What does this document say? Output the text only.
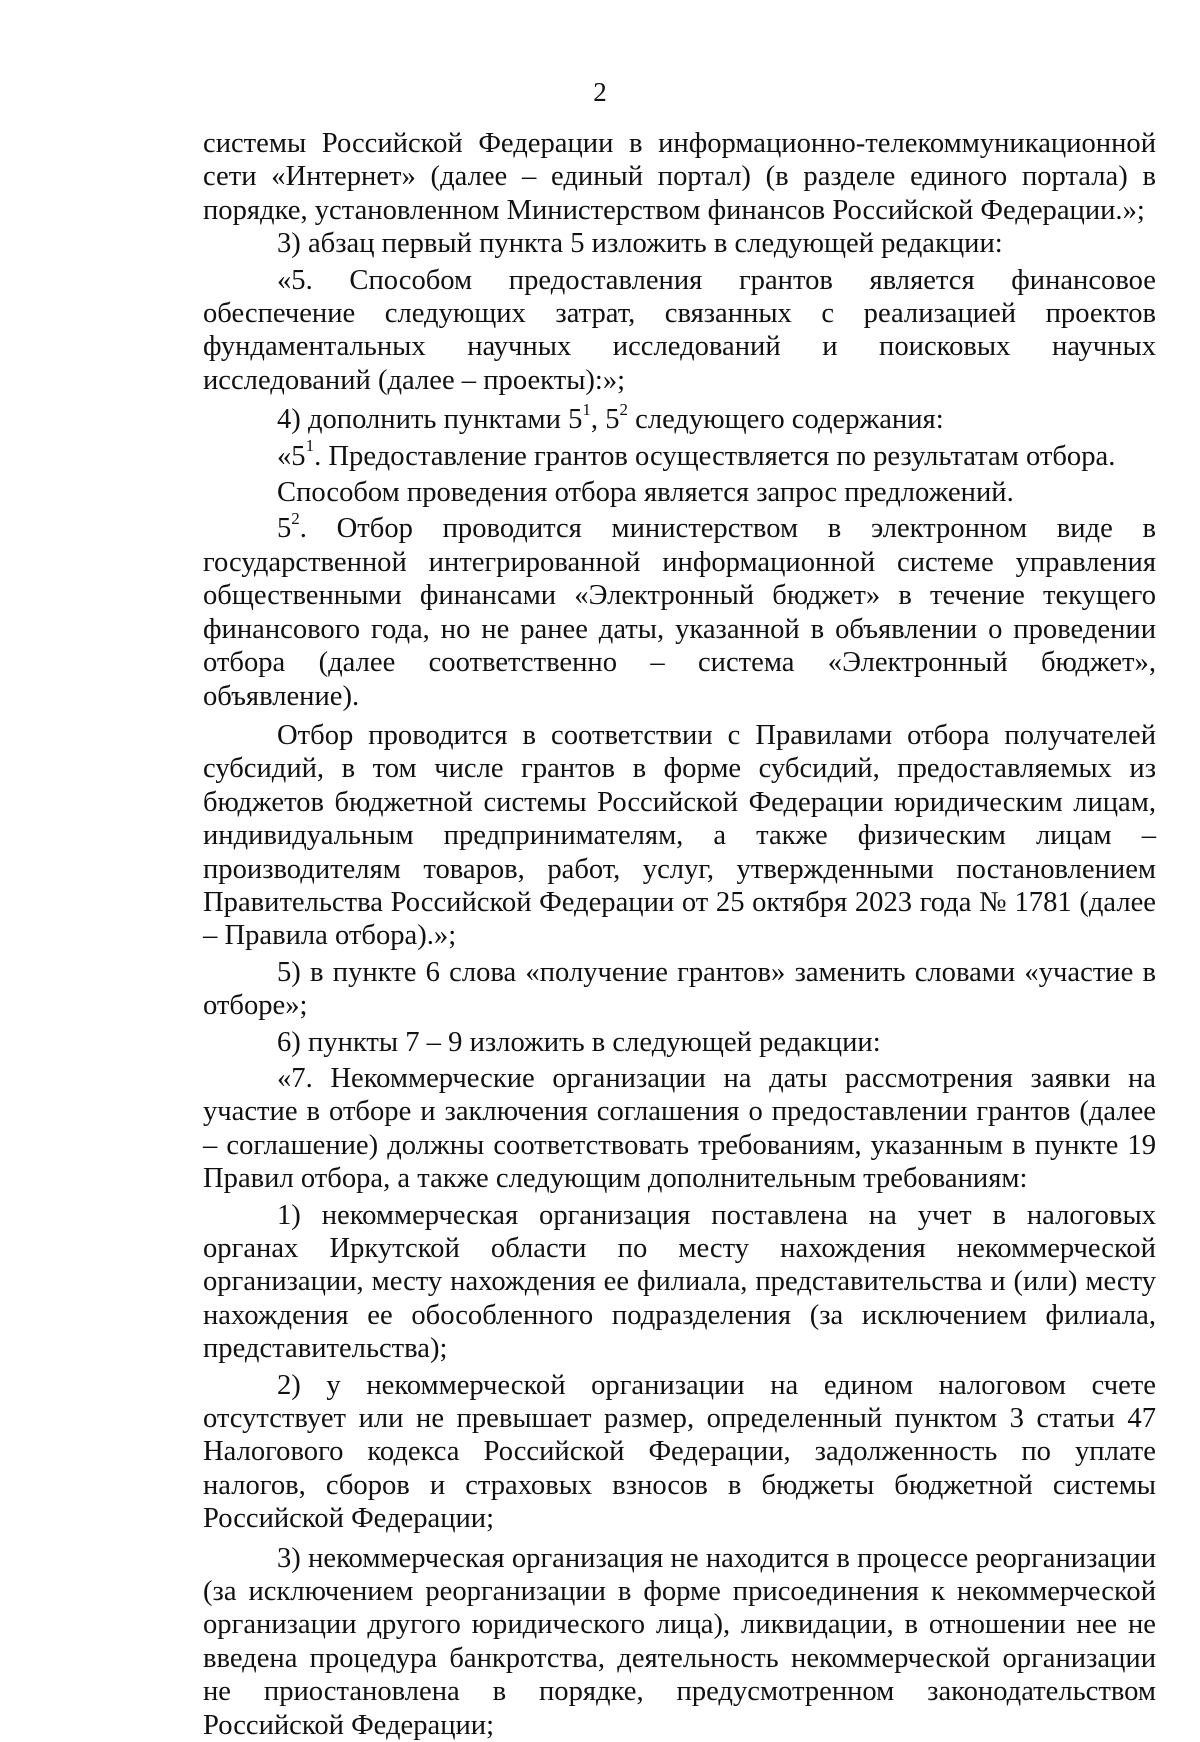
2

системы Российской Федерации в информационно-телекоммуникационной сети «Интернет» (далее – единый портал) (в разделе единого портала) в порядке, установленном Министерством финансов Российской Федерации.»;

3) абзац первый пункта 5 изложить в следующей редакции:

«5. Способом предоставления грантов является финансовое обеспечение следующих затрат, связанных с реализацией проектов фундаментальных научных исследований и поисковых научных исследований (далее – проекты):»;

4) дополнить пунктами $5^1$, $5^2$ следующего содержания:

«$5^1$. Предоставление грантов осуществляется по результатам отбора.

Способом проведения отбора является запрос предложений.

$5^2$. Отбор проводится министерством в электронном виде в государственной интегрированной информационной системе управления общественными финансами «Электронный бюджет» в течение текущего финансового года, но не ранее даты, указанной в объявлении о проведении отбора (далее соответственно – система «Электронный бюджет», объявление).

Отбор проводится в соответствии с Правилами отбора получателей субсидий, в том числе грантов в форме субсидий, предоставляемых из бюджетов бюджетной системы Российской Федерации юридическим лицам, индивидуальным предпринимателям, а также физическим лицам – производителям товаров, работ, услуг, утвержденными постановлением Правительства Российской Федерации от 25 октября 2023 года № 1781 (далее – Правила отбора).»;

5) в пункте 6 слова «получение грантов» заменить словами «участие в отборе»;

6) пункты 7 – 9 изложить в следующей редакции:

«7. Некоммерческие организации на даты рассмотрения заявки на участие в отборе и заключения соглашения о предоставлении грантов (далее – соглашение) должны соответствовать требованиям, указанным в пункте 19 Правил отбора, а также следующим дополнительным требованиям:

1) некоммерческая организация поставлена на учет в налоговых органах Иркутской области по месту нахождения некоммерческой организации, месту нахождения ее филиала, представительства и (или) месту нахождения ее обособленного подразделения (за исключением филиала, представительства);

2) у некоммерческой организации на едином налоговом счете отсутствует или не превышает размер, определенный пунктом 3 статьи 47 Налогового кодекса Российской Федерации, задолженность по уплате налогов, сборов и страховых взносов в бюджеты бюджетной системы Российской Федерации;

3) некоммерческая организация не находится в процессе реорганизации (за исключением реорганизации в форме присоединения к некоммерческой организации другого юридического лица), ликвидации, в отношении нее не введена процедура банкротства, деятельность некоммерческой организации не приостановлена в порядке, предусмотренном законодательством Российской Федерации;
